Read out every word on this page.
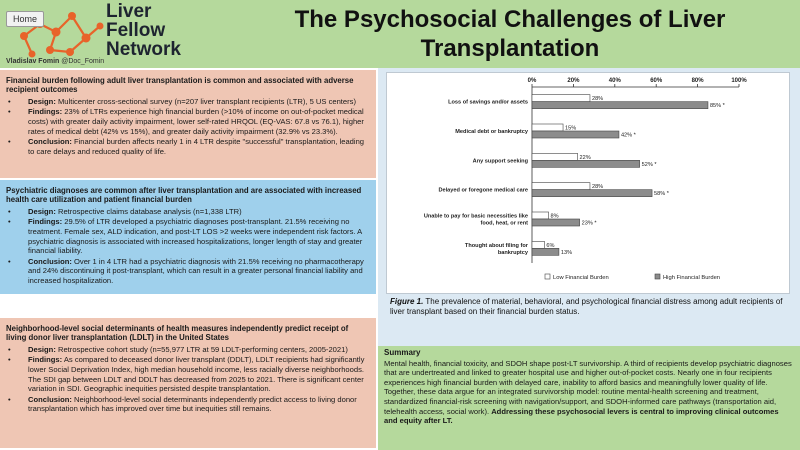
Home	Liver
Fellow
Network
Vladislav Fomin @Doc_Fomin
The Psychosocial Challenges of Liver Transplantation
Financial burden following adult liver transplantation is common and associated with adverse recipient outcomes
• Design: Multicenter cross-sectional survey (n=207 liver transplant recipients (LTR), 5 US centers)
• Findings: 23% of LTRs experience high financial burden (>10% of income on out-of-pocket medical costs) with greater daily activity impairment, lower self-rated HRQOL (EQ-VAS: 67.8 vs 76.1), higher rates of medical debt (42% vs 15%), and greater daily activity impairment (32.9% vs 23.3%).
• Conclusion: Financial burden affects nearly 1 in 4 LTR despite "successful" transplantation, leading to care delays and reduced quality of life.
Psychiatric diagnoses are common after liver transplantation and are associated with increased health care utilization and patient financial burden
• Design: Retrospective claims database analysis (n=1,338 LTR)
• Findings: 29.5% of LTR developed a psychiatric diagnoses post-transplant. 21.5% receiving no treatment. Female sex, ALD indication, and post-LT LOS >2 weeks were independent risk factors. A psychiatric diagnosis is associated with increased hospitalizations, longer length of stay and greater financial liability.
• Conclusion: Over 1 in 4 LTR had a psychiatric diagnosis with 21.5% receiving no pharmacotherapy and 24% discontinuing it post-transplant, which can result in a greater personal financial liability and increased hospitalization.
Neighborhood-level social determinants of health measures independently predict receipt of living donor liver transplantation (LDLT) in the United States
• Design: Retrospective cohort study (n=55,977 LTR at 59 LDLT-performing centers, 2005-2021)
• Findings: As compared to deceased donor liver transplant (DDLT), LDLT recipients had significantly lower Social Deprivation Index, high median household income, less racially diverse neighborhoods. The SDI gap between LDLT and DDLT has decreased from 2025 to 2021. There is significant center variation in SDI. Geographic inequities persisted despite transplantation.
• Conclusion: Neighborhood-level social determinants independently predict access to living donor transplantation which has improved over time but inequities still remains.
0%	20%	40%	60%	80%	100%
Loss of savings and/or assets
28%
85% *
Medical debt or bankruptcy
15%
42% *
Any support seeking
22%
52% *
Delayed or foregone medical care
28%
58% *
Unable to pay for basic necessities like
food, heat, or rent
8%
23% *
Thought about filing for
bankruptcy
6%
13%
Low Financial Burden	High Financial Burden
Figure 1. The prevalence of material, behavioral, and psychological financial distress among adult recipients of liver transplant based on their financial burden status.
Summary

Mental health, financial toxicity, and SDOH shape post-LT survivorship. A third of recipients develop psychiatric diagnoses that are undertreated and linked to greater hospital use and higher out-of-pocket costs. Nearly one in four recipients experiences high financial burden with delayed care, inability to afford basics and meaningfully lower quality of life. Together, these data argue for an integrated survivorship model: routine mental-health screening and treatment, standardized financial-risk screening with navigation/support, and SDOH-informed care pathways (transportation aid, telehealth access, social work). Addressing these psychosocial levers is central to improving clinical outcomes and equity after LT.
